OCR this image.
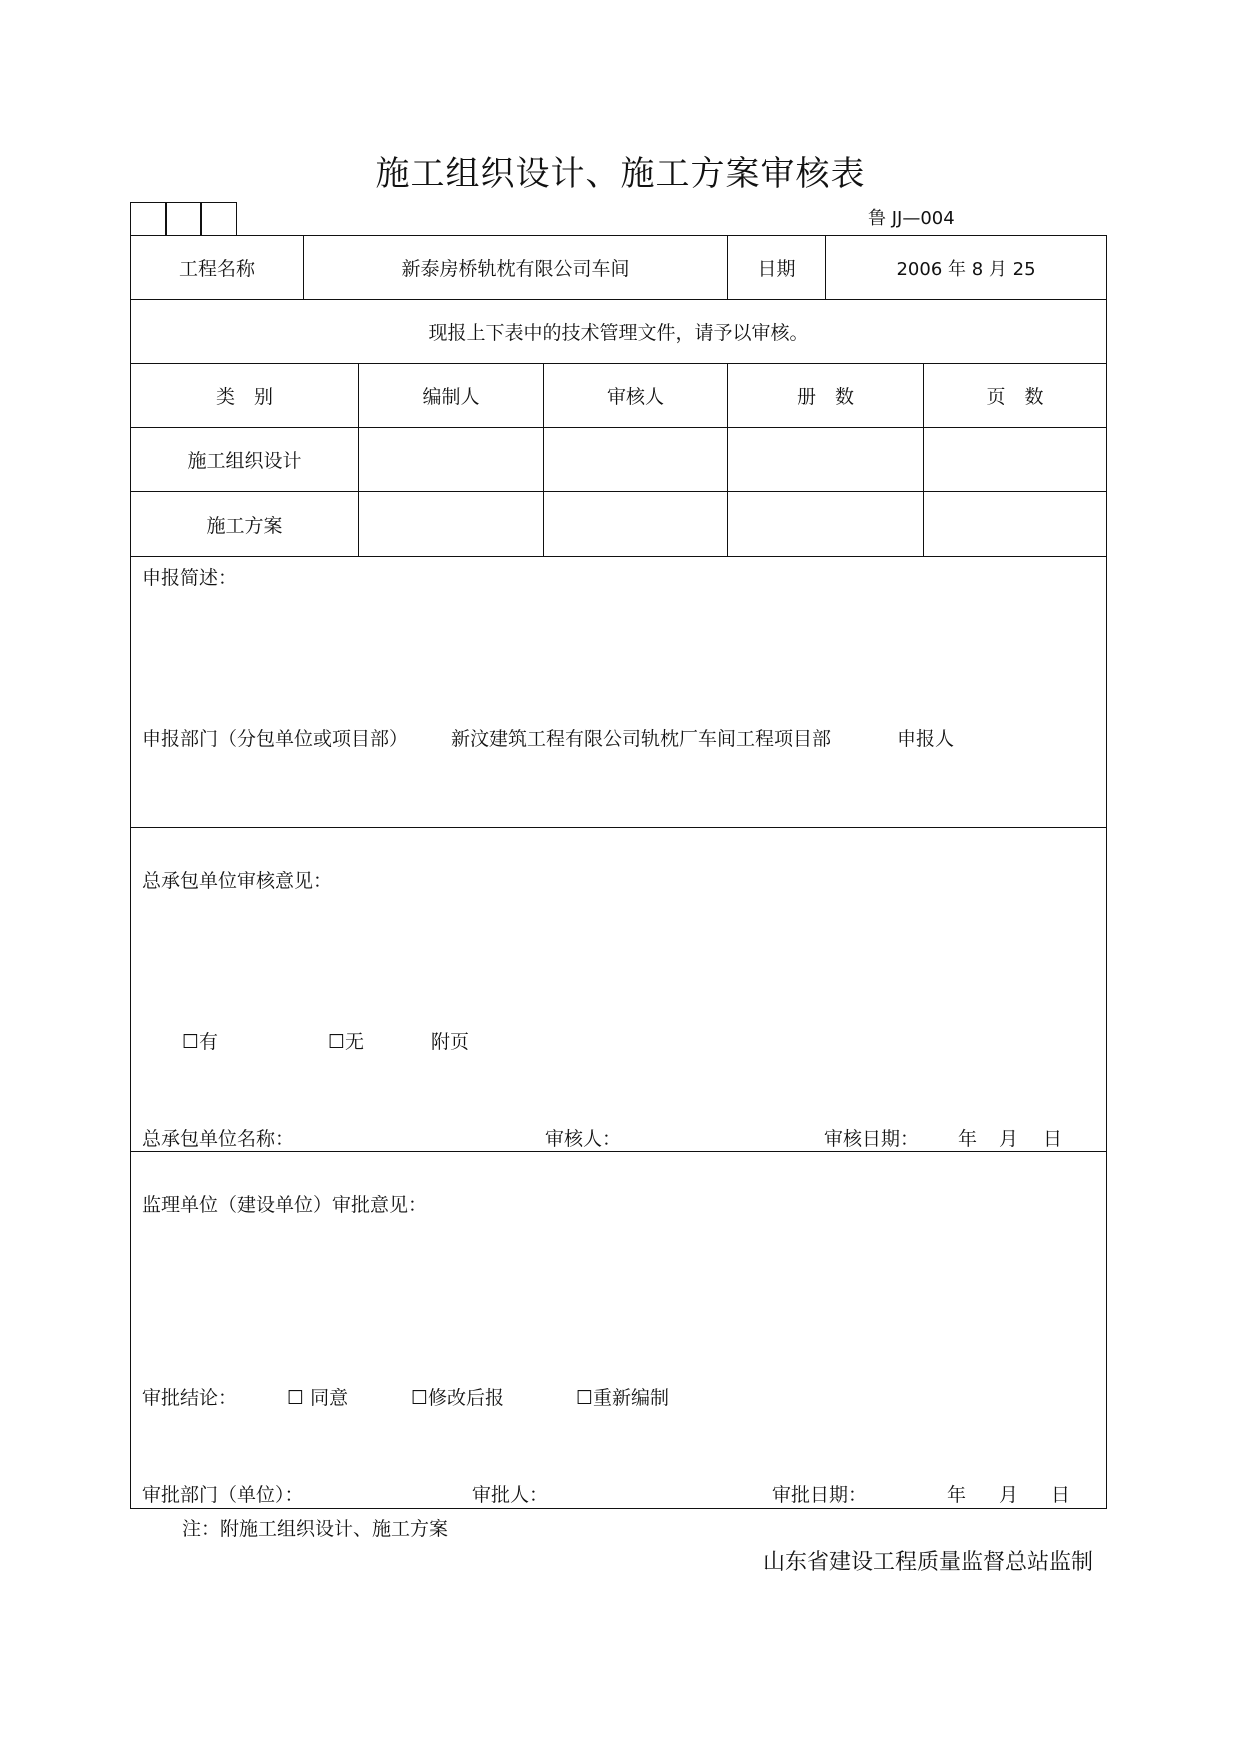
施工组织设计、施工方案审核表
鲁 JJ—004
工程名称	新泰房桥轨枕有限公司车间	日期	2006 年 8 月 25
现报上下表中的技术管理文件，请予以审核。
类　别	编制人	审核人	册　数	页　数
施工组织设计
施工方案
申报简述：
申报部门（分包单位或项目部） 新汶建筑工程有限公司轨枕厂车间工程项目部	申报人
总承包单位审核意见：
☐有	☐无	附页
总承包单位名称：	审核人：	审核日期： 年 月 日
监理单位（建设单位）审批意见：
审批结论：	☐ 同意	☐修改后报	☐重新编制
审批部门（单位）：	审批人：	审批日期：	年 月 日
注：附施工组织设计、施工方案
山东省建设工程质量监督总站监制
